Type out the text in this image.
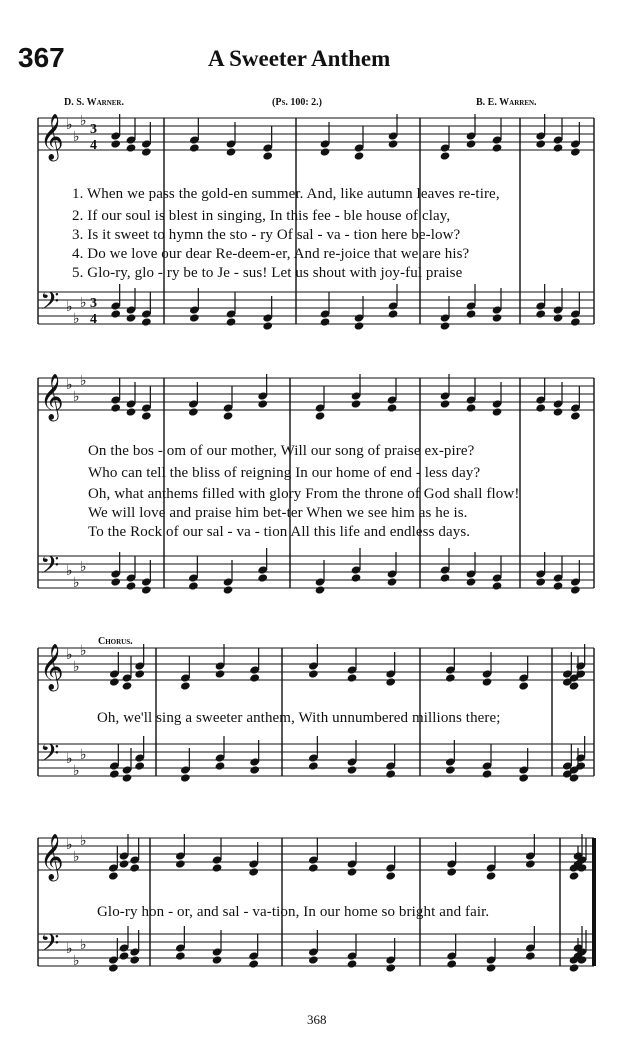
367	A Sweeter Anthem
D. S. Warner.	(Ps. 100: 2.)	B. E. Warren.
𝄞 ♭
♭
♭
3
4
𝄢 ♭
♭
♭ 3
4
𝄞 ♭
♭
♭
𝄢 ♭
♭
♭
𝄞 ♭
♭
♭
𝄢 ♭
♭
♭
𝄞 ♭
♭
♭
𝄢 ♭
♭
♭
1. When we pass the gold-en summer. And, like autumn leaves re-tire,
2. If our soul is blest in singing, In this fee - ble house of clay,
3. Is it sweet to hymn the sto - ry Of sal - va - tion here be-low?
4. Do we love our dear Re-deem-er, And re-joice that we are his?
5. Glo-ry, glo - ry be to Je - sus! Let us shout with joy-ful praise
On the bos - om of our mother, Will our song of praise ex-pire?
Who can tell the bliss of reigning In our home of end - less day?
Oh, what anthems filled with glory From the throne of God shall flow!
We will love and praise him bet-ter When we see him as he is.
To the Rock of our sal - va - tion All this life and endless days.
Chorus.
Oh, we'll sing a sweeter anthem, With unnumbered millions there;
Glo-ry hon - or, and sal - va-tion, In our home so bright and fair.
368
